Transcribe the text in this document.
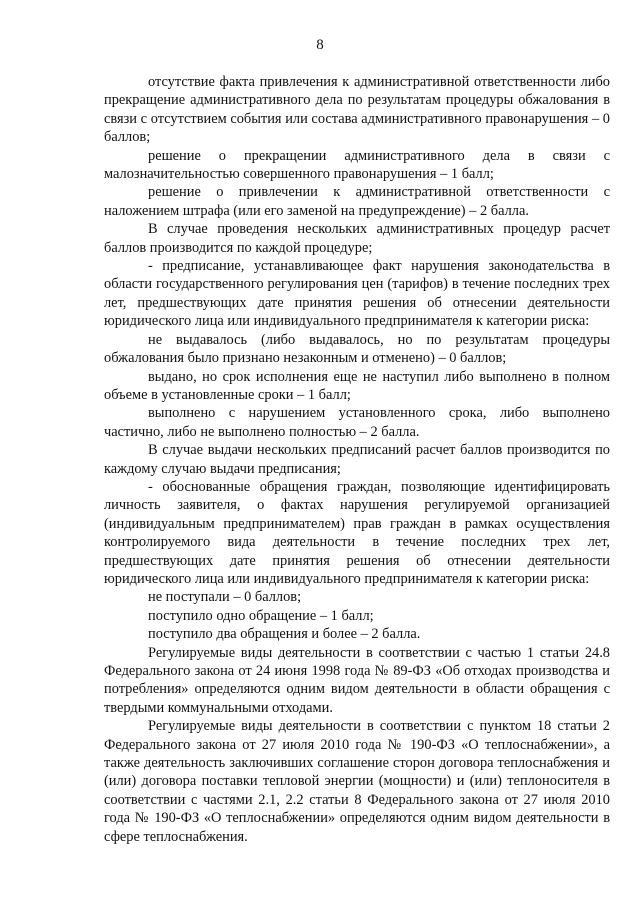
8

отсутствие факта привлечения к административной ответственности либо прекращение административного дела по результатам процедуры обжалования в связи с отсутствием события или состава административного правонарушения – 0 баллов;

решение о прекращении административного дела в связи с малозначительностью совершенного правонарушения – 1 балл;

решение о привлечении к административной ответственности с наложением штрафа (или его заменой на предупреждение) – 2 балла.

В случае проведения нескольких административных процедур расчет баллов производится по каждой процедуре;

- предписание, устанавливающее факт нарушения законодательства в области государственного регулирования цен (тарифов) в течение последних трех лет, предшествующих дате принятия решения об отнесении деятельности юридического лица или индивидуального предпринимателя к категории риска:

не выдавалось (либо выдавалось, но по результатам процедуры обжалования было признано незаконным и отменено) – 0 баллов;

выдано, но срок исполнения еще не наступил либо выполнено в полном объеме в установленные сроки – 1 балл;

выполнено с нарушением установленного срока, либо выполнено частично, либо не выполнено полностью – 2 балла.

В случае выдачи нескольких предписаний расчет баллов производится по каждому случаю выдачи предписания;

- обоснованные обращения граждан, позволяющие идентифицировать личность заявителя, о фактах нарушения регулируемой организацией (индивидуальным предпринимателем) прав граждан в рамках осуществления контролируемого вида деятельности в течение последних трех лет, предшествующих дате принятия решения об отнесении деятельности юридического лица или индивидуального предпринимателя к категории риска:

не поступали – 0 баллов;

поступило одно обращение – 1 балл;

поступило два обращения и более – 2 балла.

Регулируемые виды деятельности в соответствии с частью 1 статьи 24.8 Федерального закона от 24 июня 1998 года № 89-ФЗ «Об отходах производства и потребления» определяются одним видом деятельности в области обращения с твердыми коммунальными отходами.

Регулируемые виды деятельности в соответствии с пунктом 18 статьи 2 Федерального закона от 27 июля 2010 года № 190-ФЗ «О теплоснабжении», а также деятельность заключивших соглашение сторон договора теплоснабжения и (или) договора поставки тепловой энергии (мощности) и (или) теплоносителя в соответствии с частями 2.1, 2.2 статьи 8 Федерального закона от 27 июля 2010 года № 190-ФЗ «О теплоснабжении» определяются одним видом деятельности в сфере теплоснабжения.
